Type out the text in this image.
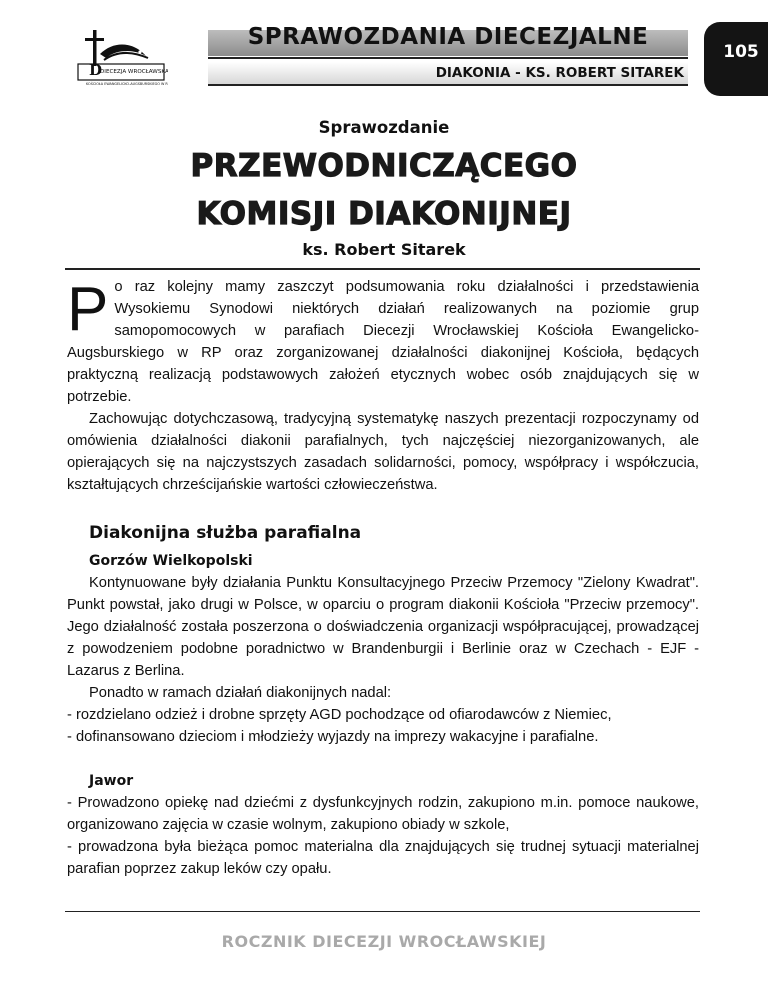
D
DIECEZJA WROCŁAWSKA
KOŚCIOŁA EWANGELICKO-AUGSBURSKIEGO W RP
SPRAWOZDANIA DIECEZJALNE
DIAKONIA - KS. ROBERT SITAREK
105
Sprawozdanie
PRZEWODNICZĄCEGO
KOMISJI DIAKONIJNEJ
ks. Robert Sitarek

Po raz kolejny mamy zaszczyt podsumowania roku działalności i przedstawienia Wysokiemu Synodowi niektórych działań realizowanych na poziomie grup samopomocowych w parafiach Diecezji Wrocławskiej Kościoła Ewangelicko-Augsburskiego w RP oraz zorganizowanej działalności diakonijnej Kościoła, będących praktyczną realizacją podstawowych założeń etycznych wobec osób znajdujących się w potrzebie.

Zachowując dotychczasową, tradycyjną systematykę naszych prezentacji rozpoczynamy od omówienia działalności diakonii parafialnych, tych najczęściej niezorganizowanych, ale opierających się na najczystszych zasadach solidarności, pomocy, współpracy i współczucia, kształtujących chrześcijańskie wartości człowieczeństwa.

Diakonijna służba parafialna
Gorzów Wielkopolski

Kontynuowane były działania Punktu Konsultacyjnego Przeciw Przemocy "Zielony Kwadrat". Punkt powstał, jako drugi w Polsce, w oparciu o program diakonii Kościoła "Przeciw przemocy". Jego działalność została poszerzona o doświadczenia organizacji współpracującej, prowadzącej z powodzeniem podobne poradnictwo w Brandenburgii i Berlinie oraz w Czechach - EJF - Lazarus z Berlina.

Ponadto w ramach działań diakonijnych nadal:

- rozdzielano odzież i drobne sprzęty AGD pochodzące od ofiarodawców z Niemiec,

- dofinansowano dzieciom i młodzieży wyjazdy na imprezy wakacyjne i parafialne.

Jawor

- Prowadzono opiekę nad dziećmi z dysfunkcyjnych rodzin, zakupiono m.in. pomoce naukowe, organizowano zajęcia w czasie wolnym, zakupiono obiady w szkole,

- prowadzona była bieżąca pomoc materialna dla znajdujących się trudnej sytuacji materialnej parafian poprzez zakup leków czy opału.

ROCZNIK DIECEZJI WROCŁAWSKIEJ
